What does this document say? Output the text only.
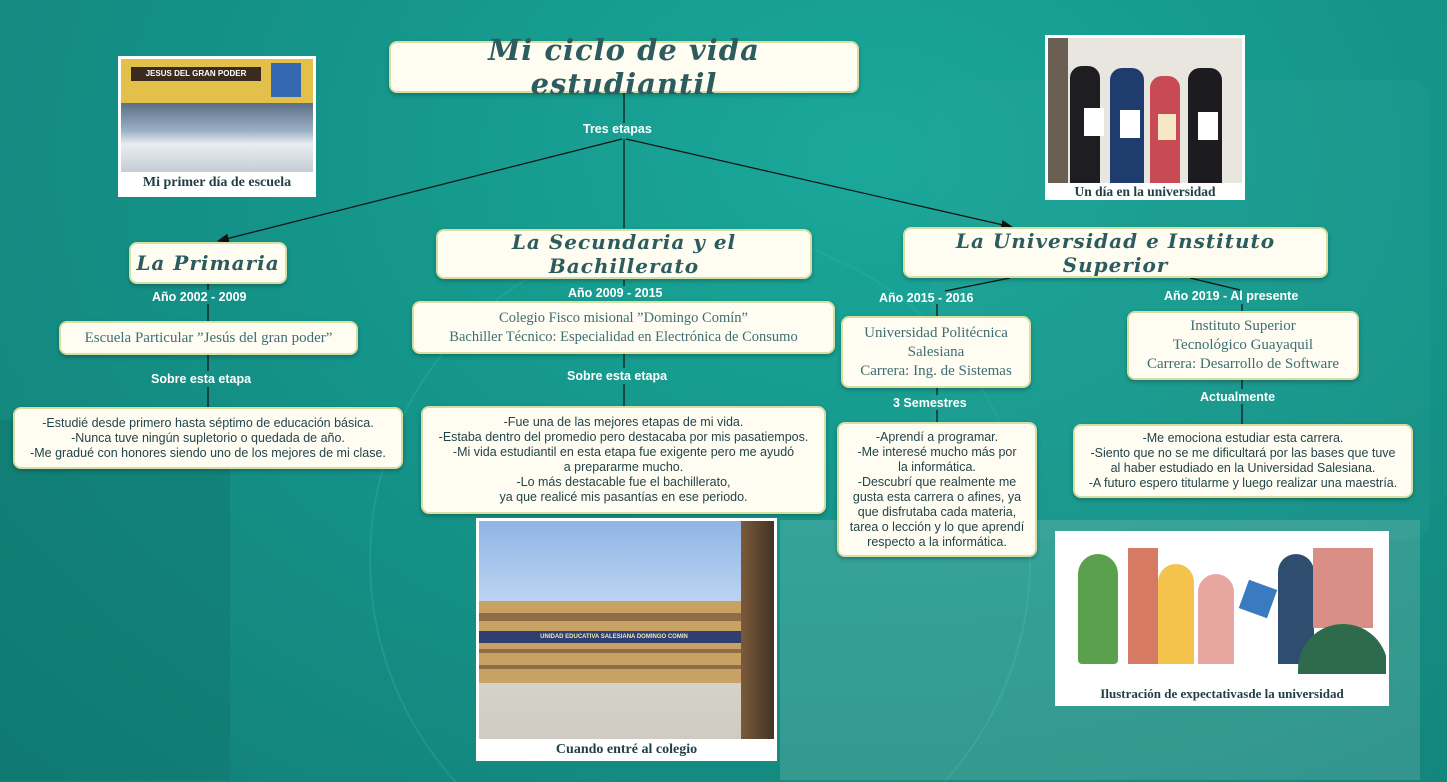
Mi ciclo de vida estudiantil
Tres etapas
La Primaria
Año 2002 - 2009
Escuela Particular ”Jesús del gran poder”
Sobre esta etapa
-Estudié desde primero hasta séptimo de educación básica.
-Nunca tuve ningún supletorio o quedada de año.
-Me gradué con honores siendo uno de los mejores de mi clase.
La Secundaria y el Bachillerato
Año 2009 - 2015
Colegio Fisco misional ”Domingo Comín”
Bachiller Técnico: Especialidad en Electrónica de Consumo
Sobre esta etapa
-Fue una de las mejores etapas de mi vida.
-Estaba dentro del promedio pero destacaba por mis pasatiempos.
-Mi vida estudiantil en esta etapa fue exigente pero me ayudó
a prepararme mucho.
-Lo más destacable fue el bachillerato,
ya que realicé mis pasantías en ese periodo.
La Universidad e Instituto Superior
Año 2015 - 2016
Universidad Politécnica
Salesiana
Carrera: Ing. de Sistemas
3 Semestres
-Aprendí a programar.
-Me interesé mucho más por
la informática.
-Descubrí que realmente me
gusta esta carrera o afines, ya
que disfrutaba cada materia,
tarea o lección y lo que aprendí
respecto a la informática.
Año 2019 - Al presente
Instituto Superior
Tecnológico Guayaquil
Carrera: Desarrollo de Software
Actualmente
-Me emociona estudiar esta carrera.
-Siento que no se me dificultará por las bases que tuve
al haber estudiado en la Universidad Salesiana.
-A futuro espero titularme y luego realizar una maestría.
JESUS DEL GRAN PODER
Mi primer día de escuela
Un día en la universidad
UNIDAD EDUCATIVA SALESIANA DOMINGO COMIN
Cuando entré al colegio
Ilustración de expectativasde la universidad
